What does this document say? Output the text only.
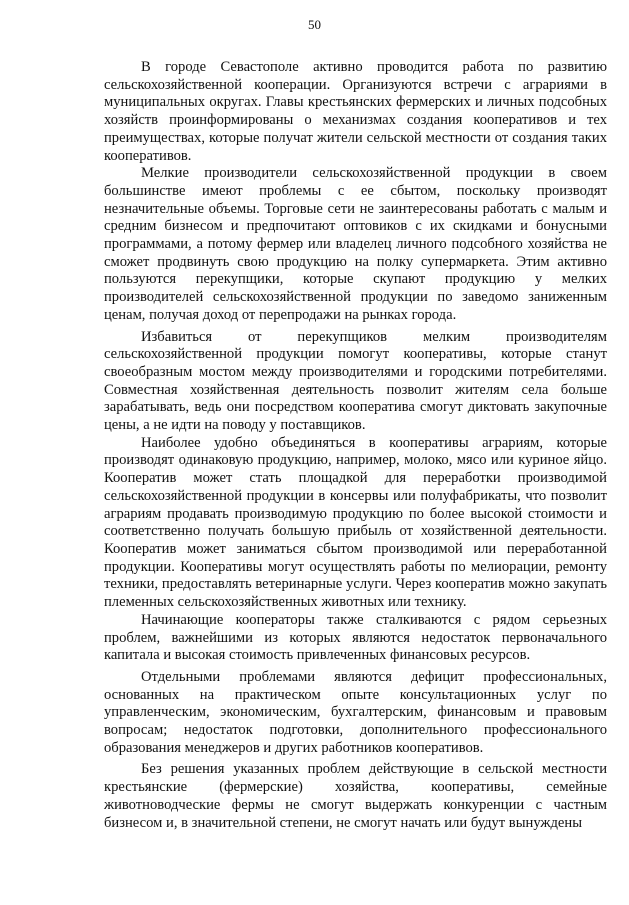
50

В городе Севастополе активно проводится работа по развитию сельскохозяйственной кооперации. Организуются встречи с аграриями в муниципальных округах. Главы крестьянских фермерских и личных подсобных хозяйств проинформированы о механизмах создания кооперативов и тех преимуществах, которые получат жители сельской местности от создания таких кооперативов.

Мелкие производители сельскохозяйственной продукции в своем большинстве имеют проблемы с ее сбытом, поскольку производят незначительные объемы. Торговые сети не заинтересованы работать с малым и средним бизнесом и предпочитают оптовиков с их скидками и бонусными программами, а потому фермер или владелец личного подсобного хозяйства не сможет продвинуть свою продукцию на полку супермаркета. Этим активно пользуются перекупщики, которые скупают продукцию у мелких производителей сельскохозяйственной продукции по заведомо заниженным ценам, получая доход от перепродажи на рынках города.

Избавиться от перекупщиков мелким производителям сельскохозяйственной продукции помогут кооперативы, которые станут своеобразным мостом между производителями и городскими потребителями. Совместная хозяйственная деятельность позволит жителям села больше зарабатывать, ведь они посредством кооператива смогут диктовать закупочные цены, а не идти на поводу у поставщиков.

Наиболее удобно объединяться в кооперативы аграриям, которые производят одинаковую продукцию, например, молоко, мясо или куриное яйцо. Кооператив может стать площадкой для переработки производимой сельскохозяйственной продукции в консервы или полуфабрикаты, что позволит аграриям продавать производимую продукцию по более высокой стоимости и соответственно получать большую прибыль от хозяйственной деятельности. Кооператив может заниматься сбытом производимой или переработанной продукции. Кооперативы могут осуществлять работы по мелиорации, ремонту техники, предоставлять ветеринарные услуги. Через кооператив можно закупать племенных сельскохозяйственных животных или технику.

Начинающие кооператоры также сталкиваются с рядом серьезных проблем, важнейшими из которых являются недостаток первоначального капитала и высокая стоимость привлеченных финансовых ресурсов.

Отдельными проблемами являются дефицит профессиональных, основанных на практическом опыте консультационных услуг по управленческим, экономическим, бухгалтерским, финансовым и правовым вопросам; недостаток подготовки, дополнительного профессионального образования менеджеров и других работников кооперативов.

Без решения указанных проблем действующие в сельской местности крестьянские (фермерские) хозяйства, кооперативы, семейные животноводческие фермы не смогут выдержать конкуренции с частным бизнесом и, в значительной степени, не смогут начать или будут вынуждены
